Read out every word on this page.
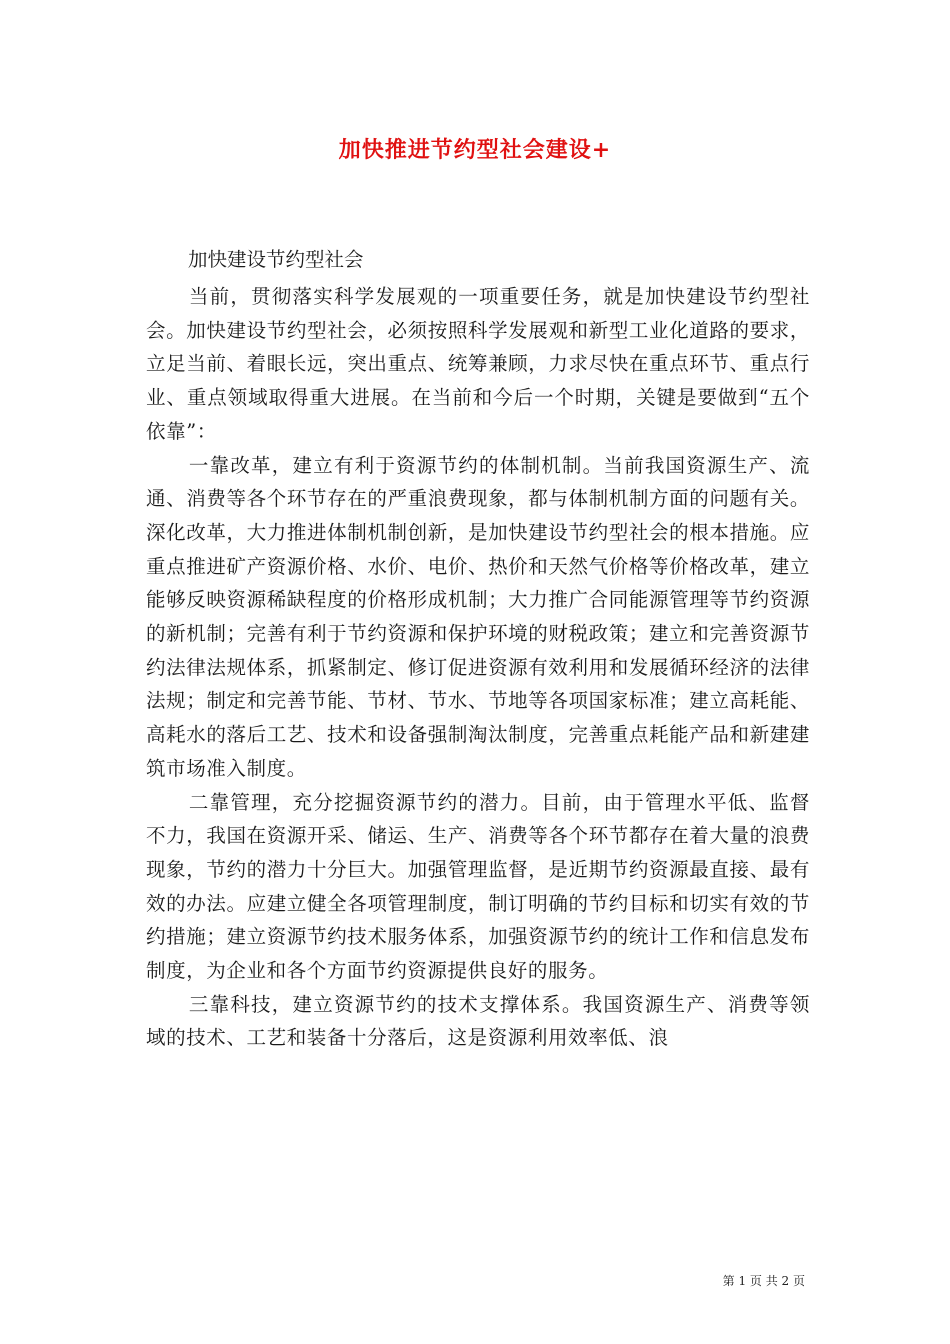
加快推进节约型社会建设+
加快建设节约型社会

当前，贯彻落实科学发展观的一项重要任务，就是加快建设节约型社会。加快建设节约型社会，必须按照科学发展观和新型工业化道路的要求，立足当前、着眼长远，突出重点、统筹兼顾，力求尽快在重点环节、重点行业、重点领域取得重大进展。在当前和今后一个时期，关键是要做到“五个依靠”：

一靠改革，建立有利于资源节约的体制机制。当前我国资源生产、流通、消费等各个环节存在的严重浪费现象，都与体制机制方面的问题有关。深化改革，大力推进体制机制创新，是加快建设节约型社会的根本措施。应重点推进矿产资源价格、水价、电价、热价和天然气价格等价格改革，建立能够反映资源稀缺程度的价格形成机制；大力推广合同能源管理等节约资源的新机制；完善有利于节约资源和保护环境的财税政策；建立和完善资源节约法律法规体系，抓紧制定、修订促进资源有效利用和发展循环经济的法律法规；制定和完善节能、节材、节水、节地等各项国家标准；建立高耗能、高耗水的落后工艺、技术和设备强制淘汰制度，完善重点耗能产品和新建建筑市场准入制度。

二靠管理，充分挖掘资源节约的潜力。目前，由于管理水平低、监督不力，我国在资源开采、储运、生产、消费等各个环节都存在着大量的浪费现象，节约的潜力十分巨大。加强管理监督，是近期节约资源最直接、最有效的办法。应建立健全各项管理制度，制订明确的节约目标和切实有效的节约措施；建立资源节约技术服务体系，加强资源节约的统计工作和信息发布制度，为企业和各个方面节约资源提供良好的服务。

三靠科技，建立资源节约的技术支撑体系。我国资源生产、消费等领域的技术、工艺和装备十分落后，这是资源利用效率低、浪

第 1 页 共 2 页
